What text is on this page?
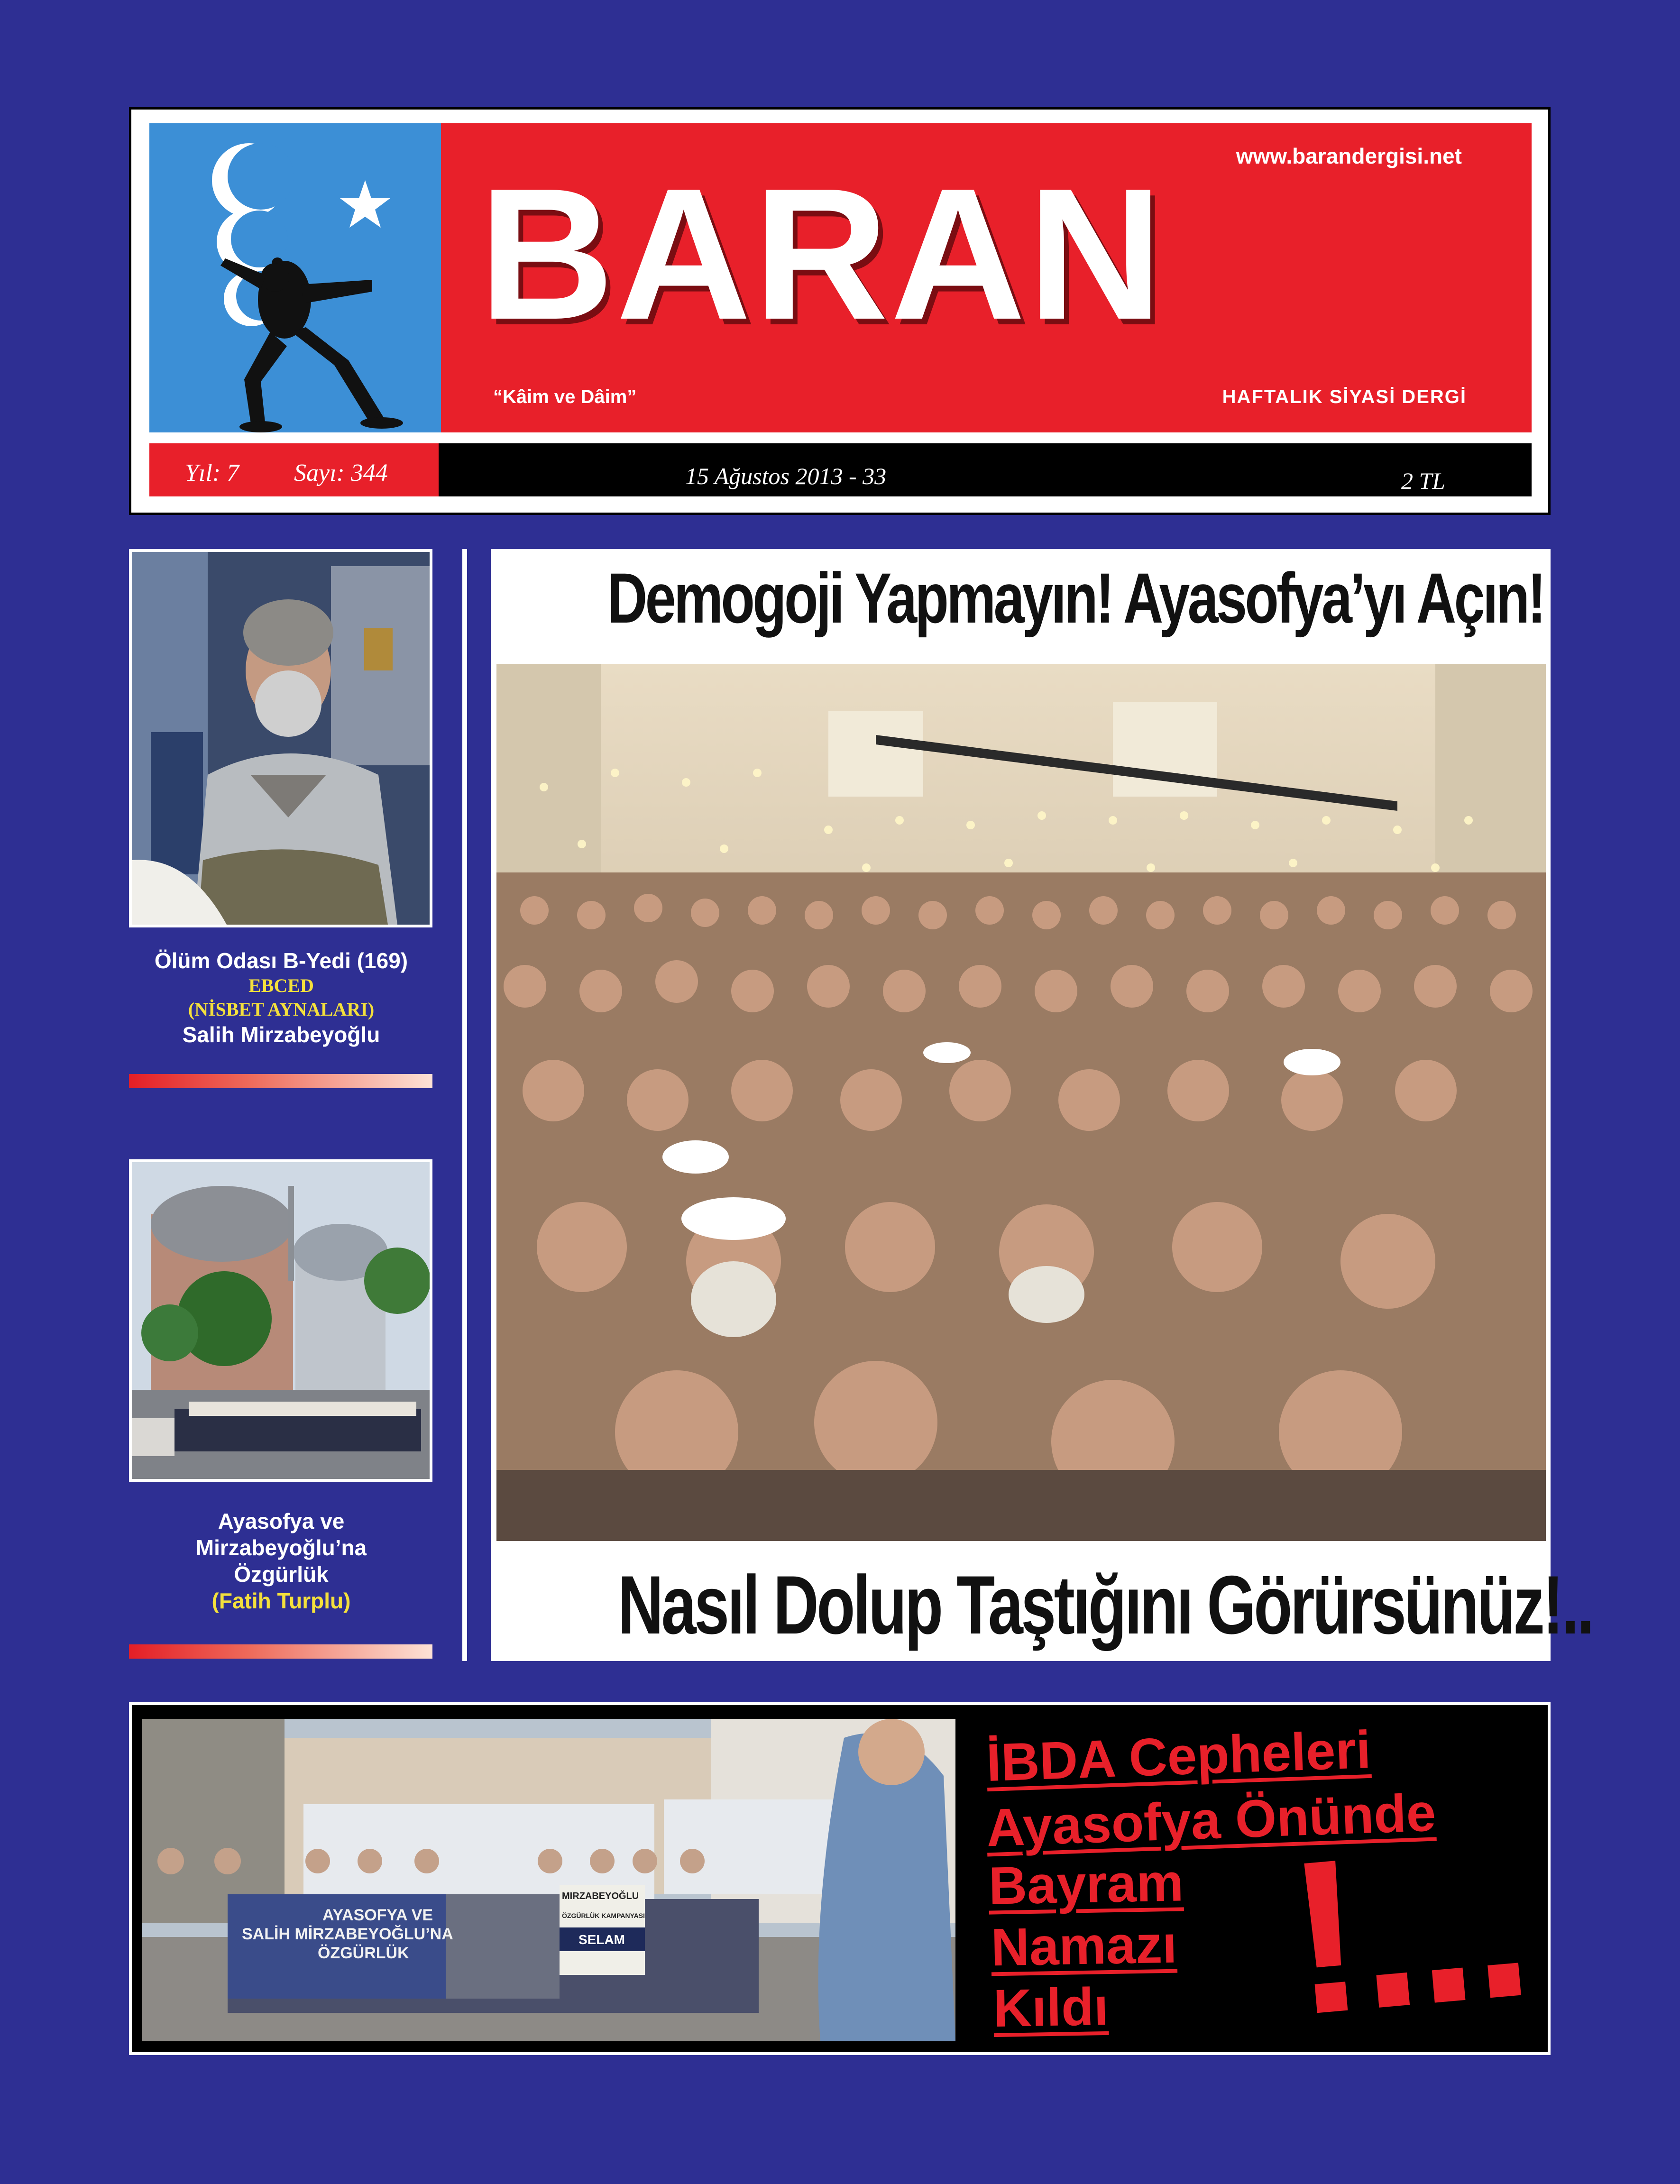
www.barandergisi.net
BARAN
“Kâim ve Dâim”	HAFTALIK SİYASİ DERGİ
Yıl: 7 Sayı: 344	15 Ağustos 2013 - 33	2 TL
Ölüm Odası B-Yedi (169)
EBCED
(NİSBET AYNALARI)
Salih Mirzabeyoğlu
Ayasofya ve
Mirzabeyoğlu’na
Özgürlük
(Fatih Turplu)
Demogoji Yapmayın! Ayasofya’yı Açın!
Nasıl Dolup Taştığını Görürsünüz!..
AYASOFYA VE
SALİH MİRZABEYOĞLU’NA
ÖZGÜRLÜK
MIRZABEYOĞLU
ÖZGÜRLÜK KAMPANYASI
SELAM
İBDA Cepheleri
Ayasofya Önünde
Bayram
Namazı
Kıldı !...
